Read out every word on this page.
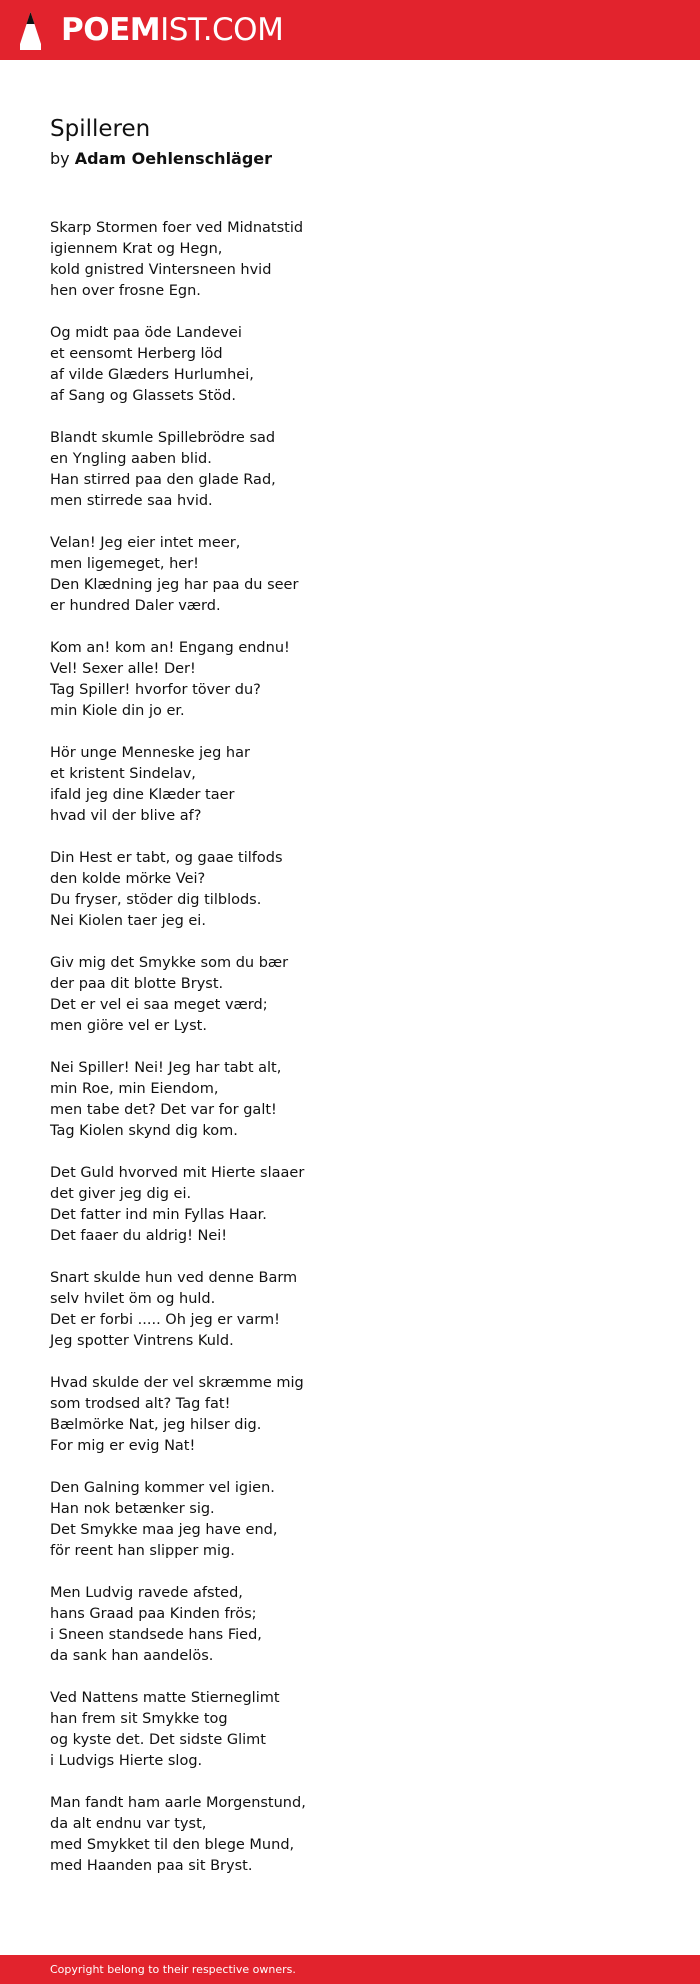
POEMIST.COM
Spilleren
by Adam Oehlenschläger
Skarp Stormen foer ved Midnatstid
igiennem Krat og Hegn,
kold gnistred Vintersneen hvid
hen over frosne Egn.
Og midt paa öde Landevei
et eensomt Herberg löd
af vilde Glæders Hurlumhei,
af Sang og Glassets Stöd.
Blandt skumle Spillebrödre sad
en Yngling aaben blid.
Han stirred paa den glade Rad,
men stirrede saa hvid.
Velan! Jeg eier intet meer,
men ligemeget, her!
Den Klædning jeg har paa du seer
er hundred Daler værd.
Kom an! kom an! Engang endnu!
Vel! Sexer alle! Der!
Tag Spiller! hvorfor töver du?
min Kiole din jo er.
Hör unge Menneske jeg har
et kristent Sindelav,
ifald jeg dine Klæder taer
hvad vil der blive af?
Din Hest er tabt, og gaae tilfods
den kolde mörke Vei?
Du fryser, stöder dig tilblods.
Nei Kiolen taer jeg ei.
Giv mig det Smykke som du bær
der paa dit blotte Bryst.
Det er vel ei saa meget værd;
men giöre vel er Lyst.
Nei Spiller! Nei! Jeg har tabt alt,
min Roe, min Eiendom,
men tabe det? Det var for galt!
Tag Kiolen skynd dig kom.
Det Guld hvorved mit Hierte slaaer
det giver jeg dig ei.
Det fatter ind min Fyllas Haar.
Det faaer du aldrig! Nei!
Snart skulde hun ved denne Barm
selv hvilet öm og huld.
Det er forbi ..... Oh jeg er varm!
Jeg spotter Vintrens Kuld.
Hvad skulde der vel skræmme mig
som trodsed alt? Tag fat!
Bælmörke Nat, jeg hilser dig.
For mig er evig Nat!
Den Galning kommer vel igien.
Han nok betænker sig.
Det Smykke maa jeg have end,
för reent han slipper mig.
Men Ludvig ravede afsted,
hans Graad paa Kinden frös;
i Sneen standsede hans Fied,
da sank han aandelös.
Ved Nattens matte Stierneglimt
han frem sit Smykke tog
og kyste det. Det sidste Glimt
i Ludvigs Hierte slog.
Man fandt ham aarle Morgenstund,
da alt endnu var tyst,
med Smykket til den blege Mund,
med Haanden paa sit Bryst.
Copyright belong to their respective owners.
